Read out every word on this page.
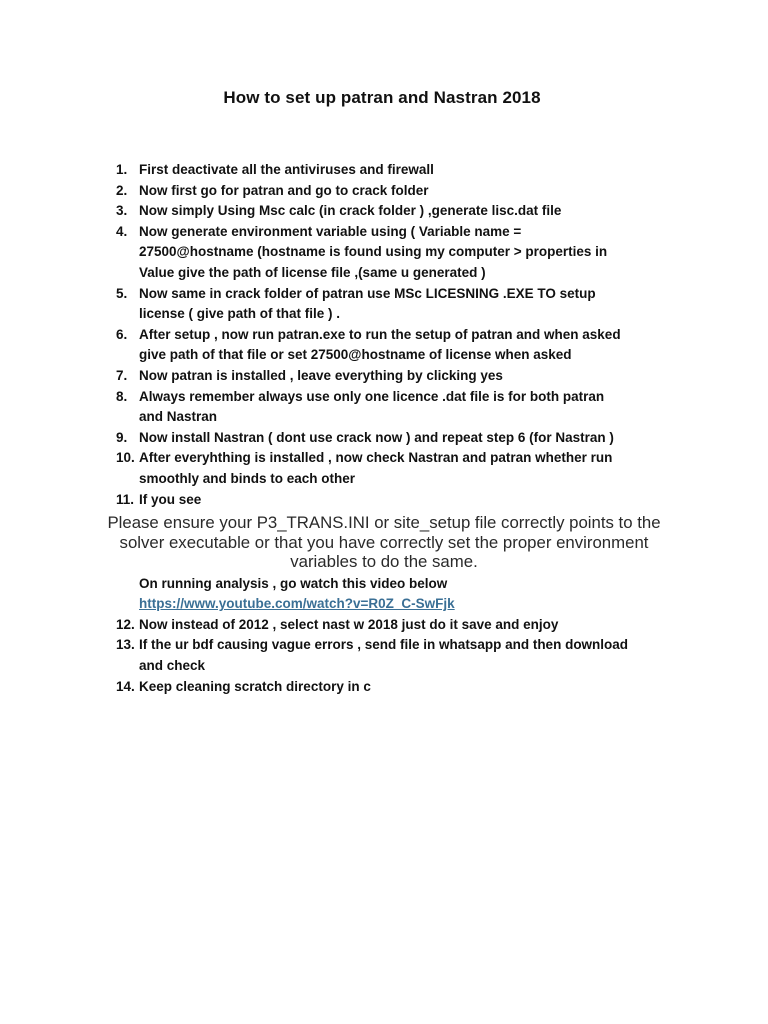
How to set up patran and Nastran 2018
1. First deactivate all the antiviruses and firewall
2. Now first go for patran and go to crack folder
3. Now simply Using Msc calc (in crack folder ) ,generate lisc.dat file
4. Now generate environment variable using ( Variable name =
27500@hostname (hostname is found using my computer > properties in
Value give the path of license file ,(same u generated )
5. Now same in crack folder of patran use MSc LICESNING .EXE TO setup
license ( give path of that file ) .
6. After setup , now run patran.exe to run the setup of patran and when asked
give path of that file or set 27500@hostname of license when asked
7. Now patran is installed , leave everything by clicking yes
8. Always remember always use only one licence .dat file is for both patran
and Nastran
9. Now install Nastran ( dont use crack now ) and repeat step 6 (for Nastran )
10. After everyhthing is installed , now check Nastran and patran whether run
smoothly and binds to each other
11. If you see
Please ensure your P3_TRANS.INI or site_setup file correctly points to the
solver executable or that you have correctly set the proper environment
variables to do the same.
On running analysis , go watch this video below
https://www.youtube.com/watch?v=R0Z_C-SwFjk
12. Now instead of 2012 , select nast w 2018 just do it save and enjoy
13. If the ur bdf causing vague errors , send file in whatsapp and then download
and check
14. Keep cleaning scratch directory in c
